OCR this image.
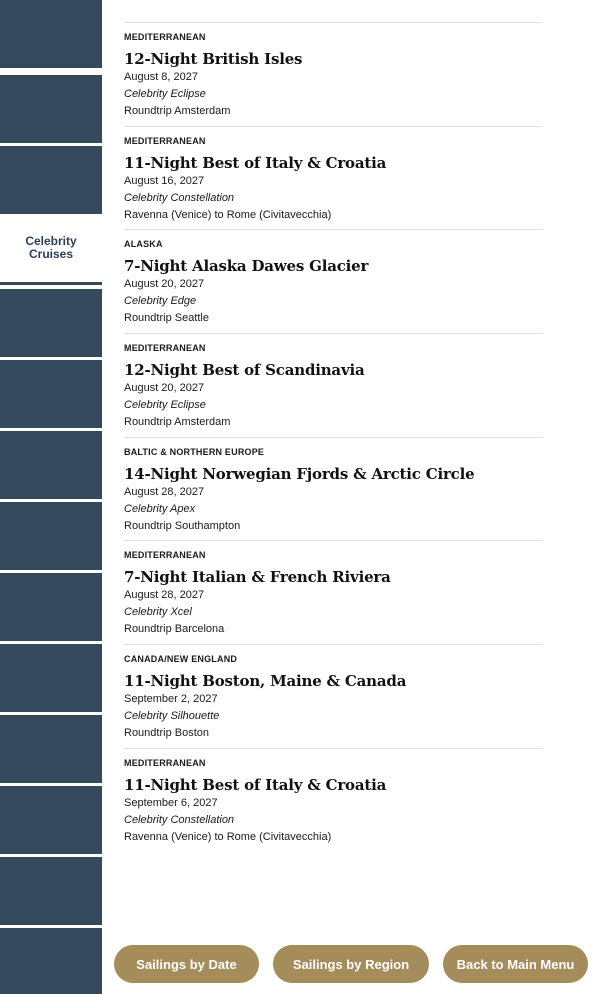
Celebrity Cruises
MEDITERRANEAN
12-Night British Isles
August 8, 2027
Celebrity Eclipse
Roundtrip Amsterdam
MEDITERRANEAN
11-Night Best of Italy & Croatia
August 16, 2027
Celebrity Constellation
Ravenna (Venice) to Rome (Civitavecchia)
ALASKA
7-Night Alaska Dawes Glacier
August 20, 2027
Celebrity Edge
Roundtrip Seattle
MEDITERRANEAN
12-Night Best of Scandinavia
August 20, 2027
Celebrity Eclipse
Roundtrip Amsterdam
BALTIC & NORTHERN EUROPE
14-Night Norwegian Fjords & Arctic Circle
August 28, 2027
Celebrity Apex
Roundtrip Southampton
MEDITERRANEAN
7-Night Italian & French Riviera
August 28, 2027
Celebrity Xcel
Roundtrip Barcelona
CANADA/NEW ENGLAND
11-Night Boston, Maine & Canada
September 2, 2027
Celebrity Silhouette
Roundtrip Boston
MEDITERRANEAN
11-Night Best of Italy & Croatia
September 6, 2027
Celebrity Constellation
Ravenna (Venice) to Rome (Civitavecchia)
Sailings by Date	Sailings by Region	Back to Main Menu
